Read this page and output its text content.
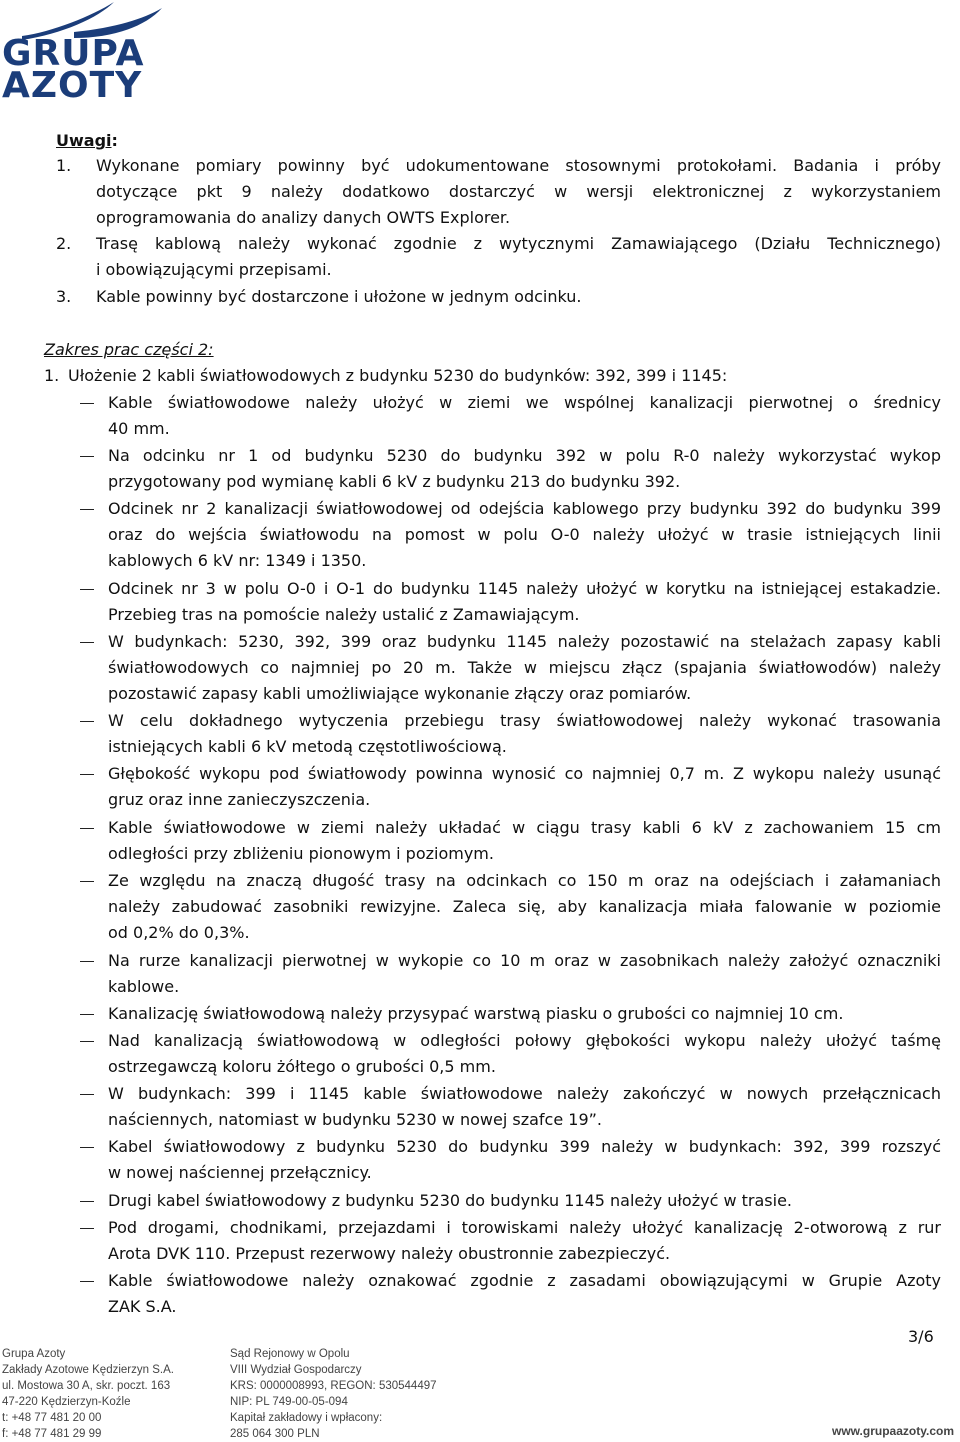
GRUPA
AZOTY
Uwagi:
1. Wykonane pomiary powinny być udokumentowane stosownymi protokołami. Badania i próby
dotyczące pkt 9 należy dodatkowo dostarczyć w wersji elektronicznej z wykorzystaniem
oprogramowania do analizy danych OWTS Explorer.
2. Trasę kablową należy wykonać zgodnie z wytycznymi Zamawiającego (Działu Technicznego)
i obowiązującymi przepisami.
3. Kable powinny być dostarczone i ułożone w jednym odcinku.
Zakres prac części 2:
1. Ułożenie 2 kabli światłowodowych z budynku 5230 do budynków: 392, 399 i 1145:
Kable światłowodowe należy ułożyć w ziemi we wspólnej kanalizacji pierwotnej o średnicy
40 mm.
Na odcinku nr 1 od budynku 5230 do budynku 392 w polu R-0 należy wykorzystać wykop
przygotowany pod wymianę kabli 6 kV z budynku 213 do budynku 392.
Odcinek nr 2 kanalizacji światłowodowej od odejścia kablowego przy budynku 392 do budynku 399
oraz do wejścia światłowodu na pomost w polu O-0 należy ułożyć w trasie istniejących linii
kablowych 6 kV nr: 1349 i 1350.
Odcinek nr 3 w polu O-0 i O-1 do budynku 1145 należy ułożyć w korytku na istniejącej estakadzie.
Przebieg tras na pomoście należy ustalić z Zamawiającym.
W budynkach: 5230, 392, 399 oraz budynku 1145 należy pozostawić na stelażach zapasy kabli
światłowodowych co najmniej po 20 m. Także w miejscu złącz (spajania światłowodów) należy
pozostawić zapasy kabli umożliwiające wykonanie złączy oraz pomiarów.
W celu dokładnego wytyczenia przebiegu trasy światłowodowej należy wykonać trasowania
istniejących kabli 6 kV metodą częstotliwościową.
Głębokość wykopu pod światłowody powinna wynosić co najmniej 0,7 m. Z wykopu należy usunąć
gruz oraz inne zanieczyszczenia.
Kable światłowodowe w ziemi należy układać w ciągu trasy kabli 6 kV z zachowaniem 15 cm
odległości przy zbliżeniu pionowym i poziomym.
Ze względu na znaczą długość trasy na odcinkach co 150 m oraz na odejściach i załamaniach
należy zabudować zasobniki rewizyjne. Zaleca się, aby kanalizacja miała falowanie w poziomie
od 0,2% do 0,3%.
Na rurze kanalizacji pierwotnej w wykopie co 10 m oraz w zasobnikach należy założyć oznaczniki
kablowe.
Kanalizację światłowodową należy przysypać warstwą piasku o grubości co najmniej 10 cm.
Nad kanalizacją światłowodową w odległości połowy głębokości wykopu należy ułożyć taśmę
ostrzegawczą koloru żółtego o grubości 0,5 mm.
W budynkach: 399 i 1145 kable światłowodowe należy zakończyć w nowych przełącznicach
naściennych, natomiast w budynku 5230 w nowej szafce 19”.
Kabel światłowodowy z budynku 5230 do budynku 399 należy w budynkach: 392, 399 rozszyć
w nowej naściennej przełącznicy.
Drugi kabel światłowodowy z budynku 5230 do budynku 1145 należy ułożyć w trasie.
Pod drogami, chodnikami, przejazdami i torowiskami należy ułożyć kanalizację 2-otworową z rur
Arota DVK 110. Przepust rezerwowy należy obustronnie zabezpieczyć.
Kable światłowodowe należy oznakować zgodnie z zasadami obowiązującymi w Grupie Azoty
ZAK S.A.
3/6
Grupa Azoty
Zakłady Azotowe Kędzierzyn S.A.
ul. Mostowa 30 A, skr. poczt. 163
47-220 Kędzierzyn-Koźle
t: +48 77 481 20 00
f: +48 77 481 29 99
Sąd Rejonowy w Opolu
VIII Wydział Gospodarczy
KRS: 0000008993, REGON: 530544497
NIP: PL 749-00-05-094
Kapitał zakładowy i wpłacony:
285 064 300 PLN	www.grupaazoty.com
